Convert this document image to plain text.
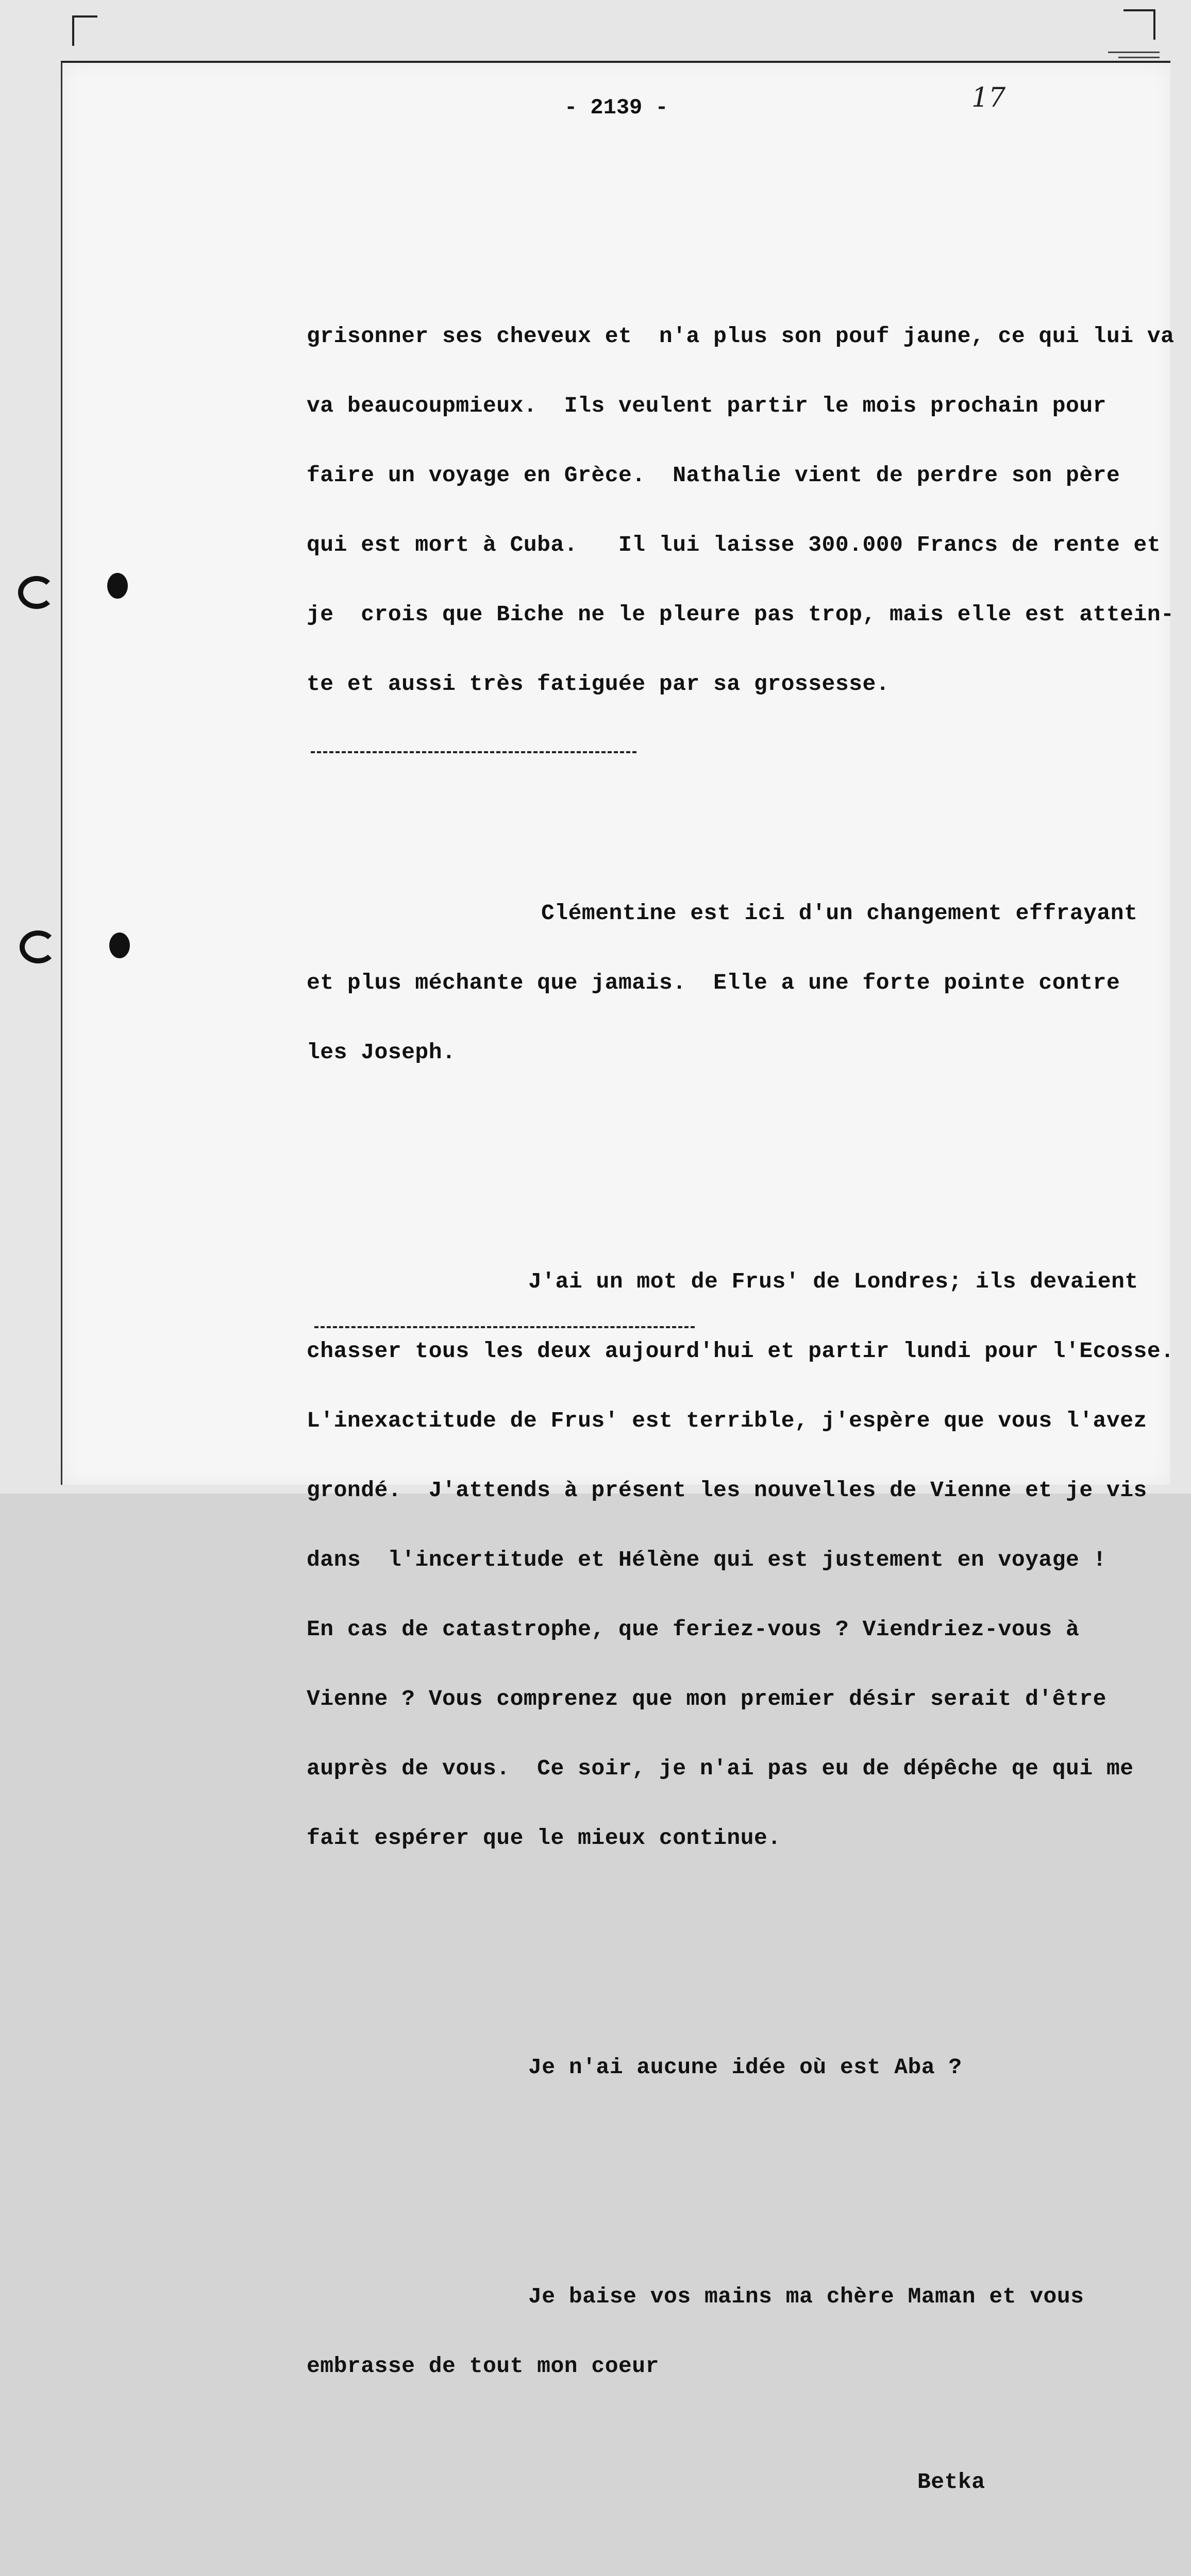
- 2139 -	17

grisonner ses cheveux et  n'a plus son pouf jaune, ce qui lui va

va beaucoupmieux.  Ils veulent partir le mois prochain pour

faire un voyage en Grèce.  Nathalie vient de perdre son père

qui est mort à Cuba.   Il lui laisse 300.000 Francs de rente et

je  crois que Biche ne le pleure pas trop, mais elle est attein-

te et aussi très fatiguée par sa grossesse.

Clémentine est ici d'un changement effrayant

et plus méchante que jamais.  Elle a une forte pointe contre

les Joseph.

J'ai un mot de Frus' de Londres; ils devaient

chasser tous les deux aujourd'hui et partir lundi pour l'Ecosse.

L'inexactitude de Frus' est terrible, j'espère que vous l'avez

grondé.  J'attends à présent les nouvelles de Vienne et je vis

dans  l'incertitude et Hélène qui est justement en voyage !

En cas de catastrophe, que feriez-vous ? Viendriez-vous à

Vienne ? Vous comprenez que mon premier désir serait d'être

auprès de vous.  Ce soir, je n'ai pas eu de dépêche qe qui me

fait espérer que le mieux continue.

Je n'ai aucune idée où est Aba ?

Je baise vos mains ma chère Maman et vous

embrasse de tout mon coeur

Betka
